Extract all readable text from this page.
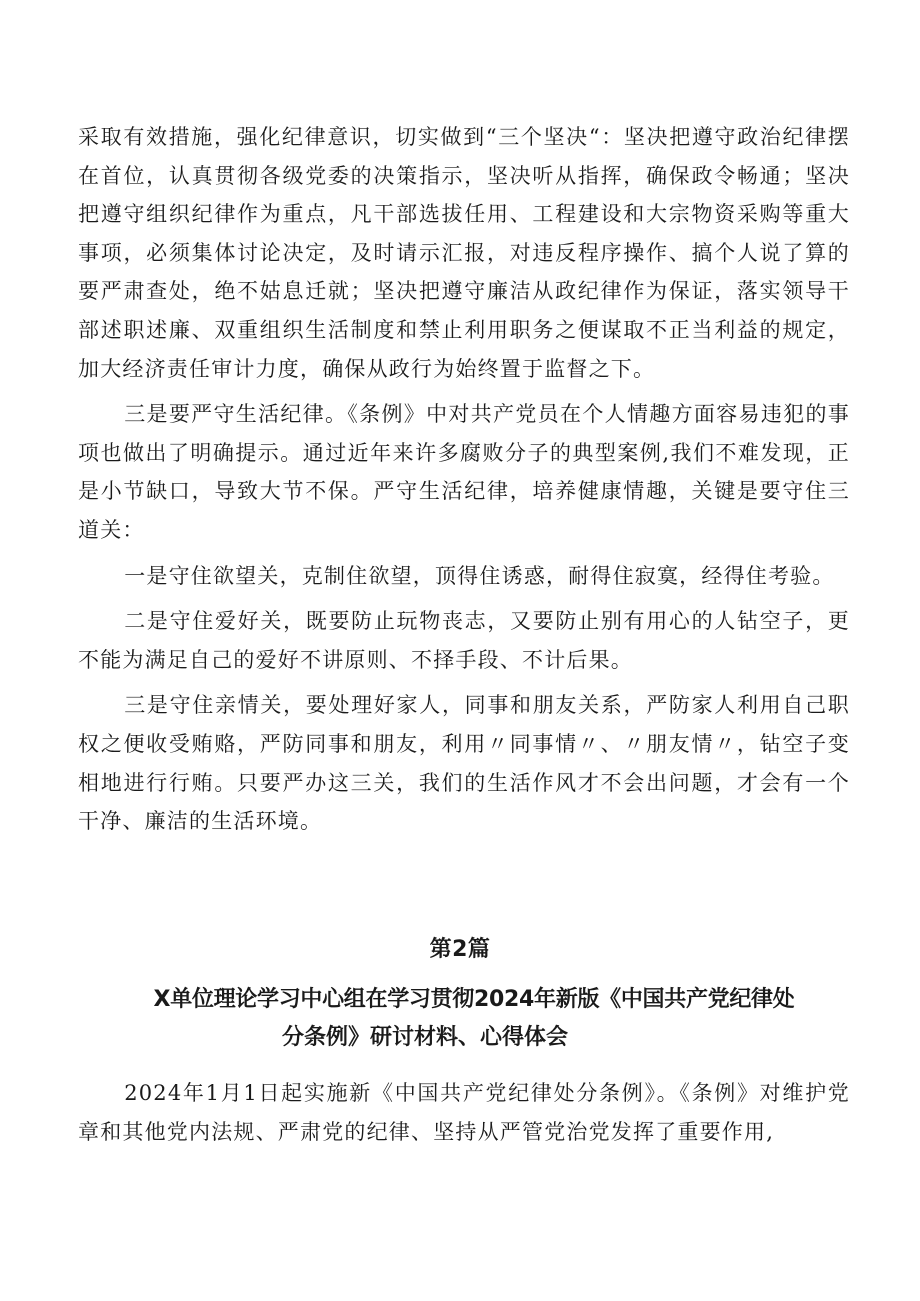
采取有效措施，强化纪律意识，切实做到“三个坚决“：坚决把遵守政治纪律摆在首位，认真贯彻各级党委的决策指示，坚决听从指挥，确保政令畅通；坚决把遵守组织纪律作为重点，凡干部选拔任用、工程建设和大宗物资采购等重大事项，必须集体讨论决定，及时请示汇报，对违反程序操作、搞个人说了算的要严肃查处，绝不姑息迁就；坚决把遵守廉洁从政纪律作为保证，落实领导干部述职述廉、双重组织生活制度和禁止利用职务之便谋取不正当利益的规定，加大经济责任审计力度，确保从政行为始终置于监督之下。

三是要严守生活纪律。《条例》中对共产党员在个人情趣方面容易违犯的事项也做出了明确提示。通过近年来许多腐败分子的典型案例,我们不难发现，正是小节缺口，导致大节不保。严守生活纪律，培养健康情趣，关键是要守住三道关：

一是守住欲望关，克制住欲望，顶得住诱惑，耐得住寂寞，经得住考验。

二是守住爱好关，既要防止玩物丧志，又要防止别有用心的人钻空子，更不能为满足自己的爱好不讲原则、不择手段、不计后果。

三是守住亲情关，要处理好家人，同事和朋友关系，严防家人利用自己职权之便收受贿赂，严防同事和朋友，利用〃同事情〃、〃朋友情〃，钻空子变相地进行行贿。只要严办这三关，我们的生活作风才不会出问题，才会有一个干净、廉洁的生活环境。

第2篇
X单位理论学习中心组在学习贯彻2024年新版《中国共产党纪律处
分条例》研讨材料、心得体会

2024年1月1日起实施新《中国共产党纪律处分条例》。《条例》对维护党章和其他党内法规、严肃党的纪律、坚持从严管党治党发挥了重要作用,
